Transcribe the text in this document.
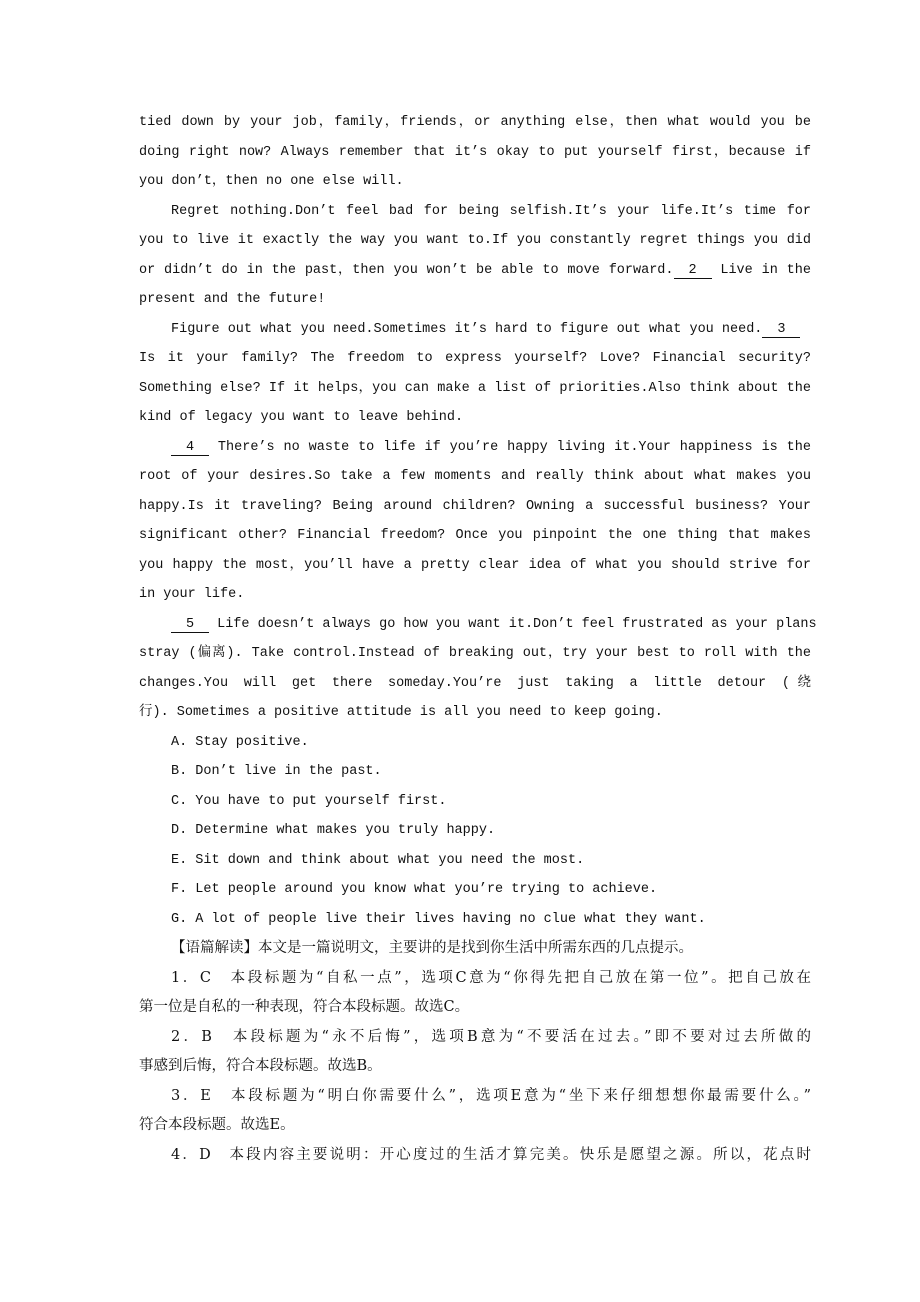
tied down by your job，family，friends，or anything else，then what would you be
doing right now? Always remember that it’s okay to put yourself first，because if
you don’t，then no one else will.
Regret nothing.Don’t feel bad for being selfish.It’s your life.It’s time for
you to live it exactly the way you want to.If you constantly regret things you did
or didn’t do in the past，then you won’t be able to move forward. 2 Live in the
present and the future!
Figure out what you need.Sometimes it’s hard to figure out what you need. 3
Is it your family? The freedom to express yourself? Love? Financial security?
Something else? If it helps，you can make a list of priorities.Also think about the
kind of legacy you want to leave behind.
4 There’s no waste to life if you’re happy living it.Your happiness is the
root of your desires.So take a few moments and really think about what makes you
happy.Is it traveling? Being around children? Owning a successful business? Your
significant other? Financial freedom? Once you pinpoint the one thing that makes
you happy the most，you’ll have a pretty clear idea of what you should strive for
in your life.
5 Life doesn’t always go how you want it.Don’t feel frustrated as your plans
stray (偏离). Take control.Instead of breaking out，try your best to roll with the
changes.You will get there someday.You’re just taking a little detour (绕
行). Sometimes a positive attitude is all you need to keep going.
A. Stay positive.
B. Don’t live in the past.
C. You have to put yourself first.
D. Determine what makes you truly happy.
E. Sit down and think about what you need the most.
F. Let people around you know what you’re trying to achieve.
G. A lot of people live their lives having no clue what they want.
【语篇解读】本文是一篇说明文，主要讲的是找到你生活中所需东西的几点提示。
1．C　本段标题为“自私一点”，选项C意为“你得先把自己放在第一位”。把自己放在
第一位是自私的一种表现，符合本段标题。故选C。
2．B　本段标题为“永不后悔”，选项B意为“不要活在过去。”即不要对过去所做的
事感到后悔，符合本段标题。故选B。
3．E　本段标题为“明白你需要什么”，选项E意为“坐下来仔细想想你最需要什么。”
符合本段标题。故选E。
4．D　本段内容主要说明：开心度过的生活才算完美。快乐是愿望之源。所以，花点时
